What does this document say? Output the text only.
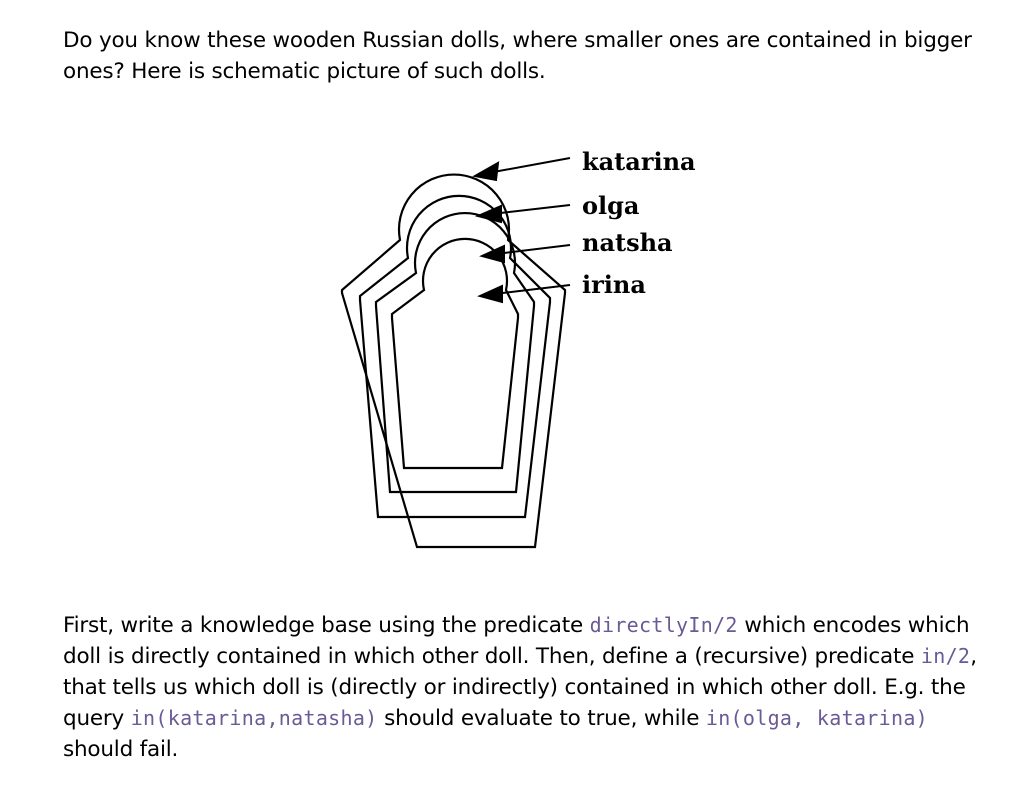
Do you know these wooden Russian dolls, where smaller ones are contained in bigger ones? Here is schematic picture of such dolls.

katarina
olga
natsha
irina

First, write a knowledge base using the predicate directlyIn/2 which encodes which doll is directly contained in which other doll. Then, define a (recursive) predicate in/2, that tells us which doll is (directly or indirectly) contained in which other doll. E.g. the query in(katarina,natasha) should evaluate to true, while in(olga, katarina) should fail.
